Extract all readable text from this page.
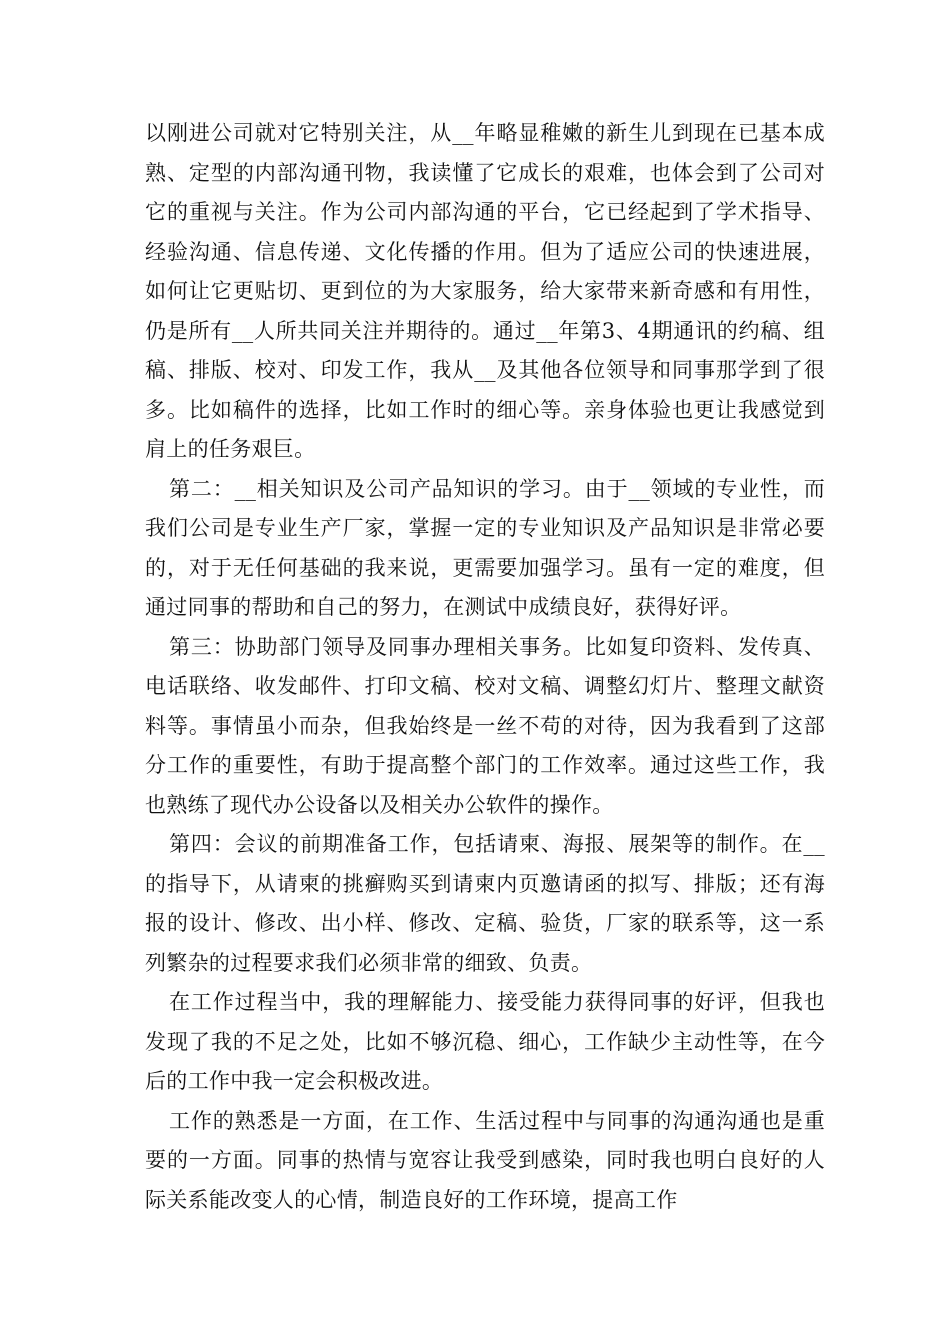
以刚进公司就对它特别关注，从__年略显稚嫩的新生儿到现在已基本成熟、定型的内部沟通刊物，我读懂了它成长的艰难，也体会到了公司对它的重视与关注。作为公司内部沟通的平台，它已经起到了学术指导、经验沟通、信息传递、文化传播的作用。但为了适应公司的快速进展，如何让它更贴切、更到位的为大家服务，给大家带来新奇感和有用性，仍是所有__人所共同关注并期待的。通过__年第3、4期通讯的约稿、组稿、排版、校对、印发工作，我从__及其他各位领导和同事那学到了很多。比如稿件的选择，比如工作时的细心等。亲身体验也更让我感觉到肩上的任务艰巨。

第二：__相关知识及公司产品知识的学习。由于__领域的专业性，而我们公司是专业生产厂家，掌握一定的专业知识及产品知识是非常必要的，对于无任何基础的我来说，更需要加强学习。虽有一定的难度，但通过同事的帮助和自己的努力，在测试中成绩良好，获得好评。

第三：协助部门领导及同事办理相关事务。比如复印资料、发传真、电话联络、收发邮件、打印文稿、校对文稿、调整幻灯片、整理文献资料等。事情虽小而杂，但我始终是一丝不苟的对待，因为我看到了这部分工作的重要性，有助于提高整个部门的工作效率。通过这些工作，我也熟练了现代办公设备以及相关办公软件的操作。

第四：会议的前期准备工作，包括请柬、海报、展架等的制作。在__的指导下，从请柬的挑癣购买到请柬内页邀请函的拟写、排版；还有海报的设计、修改、出小样、修改、定稿、验货，厂家的联系等，这一系列繁杂的过程要求我们必须非常的细致、负责。

在工作过程当中，我的理解能力、接受能力获得同事的好评，但我也发现了我的不足之处，比如不够沉稳、细心，工作缺少主动性等，在今后的工作中我一定会积极改进。

工作的熟悉是一方面，在工作、生活过程中与同事的沟通沟通也是重要的一方面。同事的热情与宽容让我受到感染，同时我也明白良好的人际关系能改变人的心情，制造良好的工作环境，提高工作
